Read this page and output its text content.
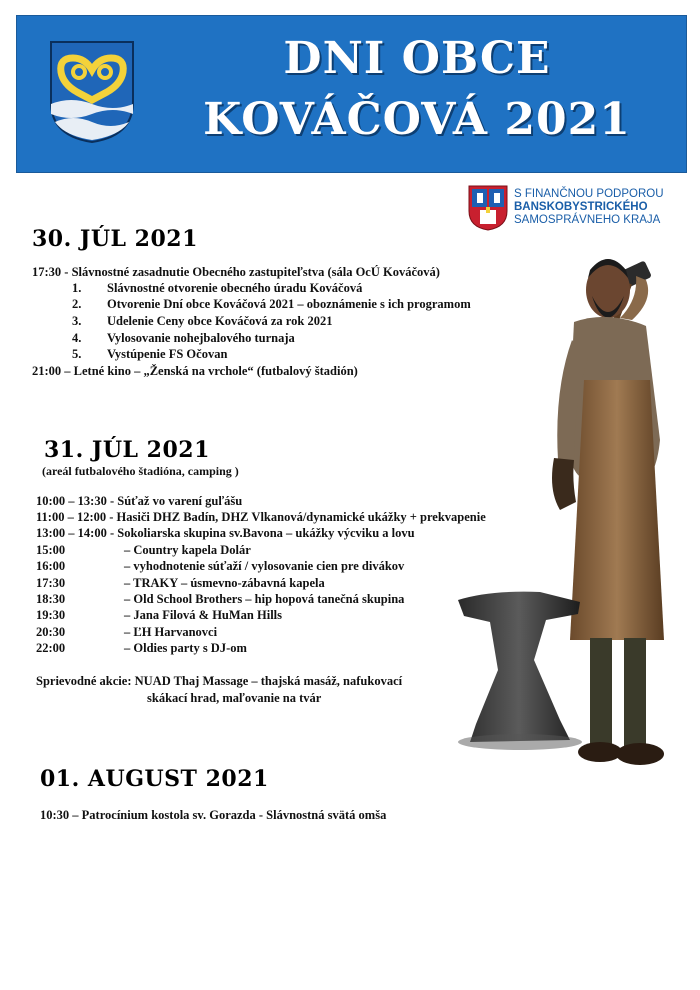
DNI OBCE
KOVÁČOVÁ 2021
S FINANČNOU PODPOROU
BANSKOBYSTRICKÉHO
SAMOSPRÁVNEHO KRAJA
30. JÚL 2021
17:30 - Slávnostné zasadnutie Obecného zastupiteľstva (sála OcÚ Kováčová)
1. Slávnostné otvorenie obecného úradu Kováčová
2. Otvorenie Dní obce Kováčová 2021 – oboznámenie s ich programom
3. Udelenie Ceny obce Kováčová za rok 2021
4. Vylosovanie nohejbalového turnaja
5. Vystúpenie FS Očovan
21:00 – Letné kino – „Ženská na vrchole“ (futbalový štadión)
31. JÚL 2021
(areál futbalového štadióna, camping )
10:00 – 13:30 - Súťaž vo varení guľášu
11:00 – 12:00 - Hasiči DHZ Badín, DHZ Vlkanová/dynamické ukážky + prekvapenie
13:00 – 14:00 - Sokoliarska skupina sv.Bavona – ukážky výcviku a lovu
15:00	– Country kapela Dolár
16:00	– vyhodnotenie súťaží / vylosovanie cien pre divákov
17:30	– TRAKY – úsmevno-zábavná kapela
18:30	– Old School Brothers – hip hopová tanečná skupina
19:30	– Jana Filová & HuMan Hills
20:30	– ĽH Harvanovci
22:00	– Oldies party s DJ-om
Sprievodné akcie: NUAD Thaj Massage – thajská masáž, nafukovací
skákací hrad, maľovanie na tvár
01. AUGUST 2021
10:30 – Patrocínium kostola sv. Gorazda - Slávnostná svätá omša
